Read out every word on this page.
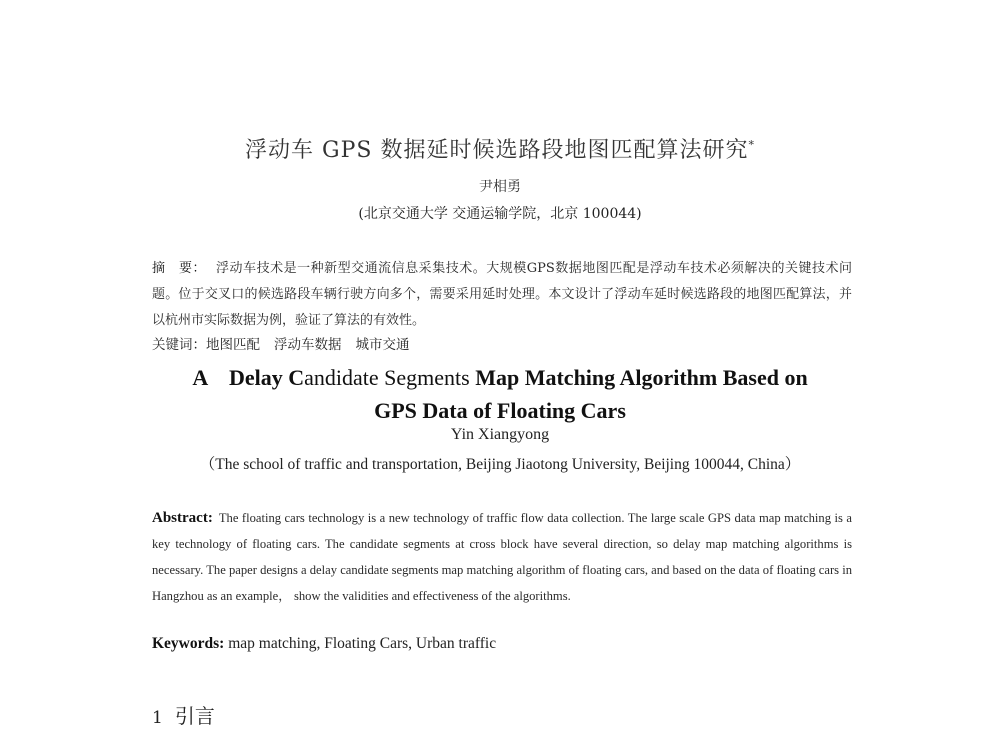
浮动车 GPS 数据延时候选路段地图匹配算法研究*
尹相勇
(北京交通大学 交通运输学院，北京 100044)
摘　要： 浮动车技术是一种新型交通流信息采集技术。大规模GPS数据地图匹配是浮动车技术必须解决的关键技术问题。位于交叉口的候选路段车辆行驶方向多个，需要采用延时处理。本文设计了浮动车延时候选路段的地图匹配算法，并以杭州市实际数据为例，验证了算法的有效性。
关键词：地图匹配 浮动车数据 城市交通
A    Delay Candidate Segments Map Matching Algorithm Based on
GPS Data of Floating Cars
Yin Xiangyong
（The school of traffic and transportation, Beijing Jiaotong University, Beijing 100044, China）
Abstract: The floating cars technology is a new technology of traffic flow data collection. The large scale GPS data map matching is a key technology of floating cars. The candidate segments at cross block have several direction, so delay map matching algorithms is necessary. The paper designs a delay candidate segments map matching algorithm of floating cars, and based on the data of floating cars in Hangzhou as an example， show the validities and effectiveness of the algorithms.
Keywords: map matching, Floating Cars, Urban traffic
1 引言
